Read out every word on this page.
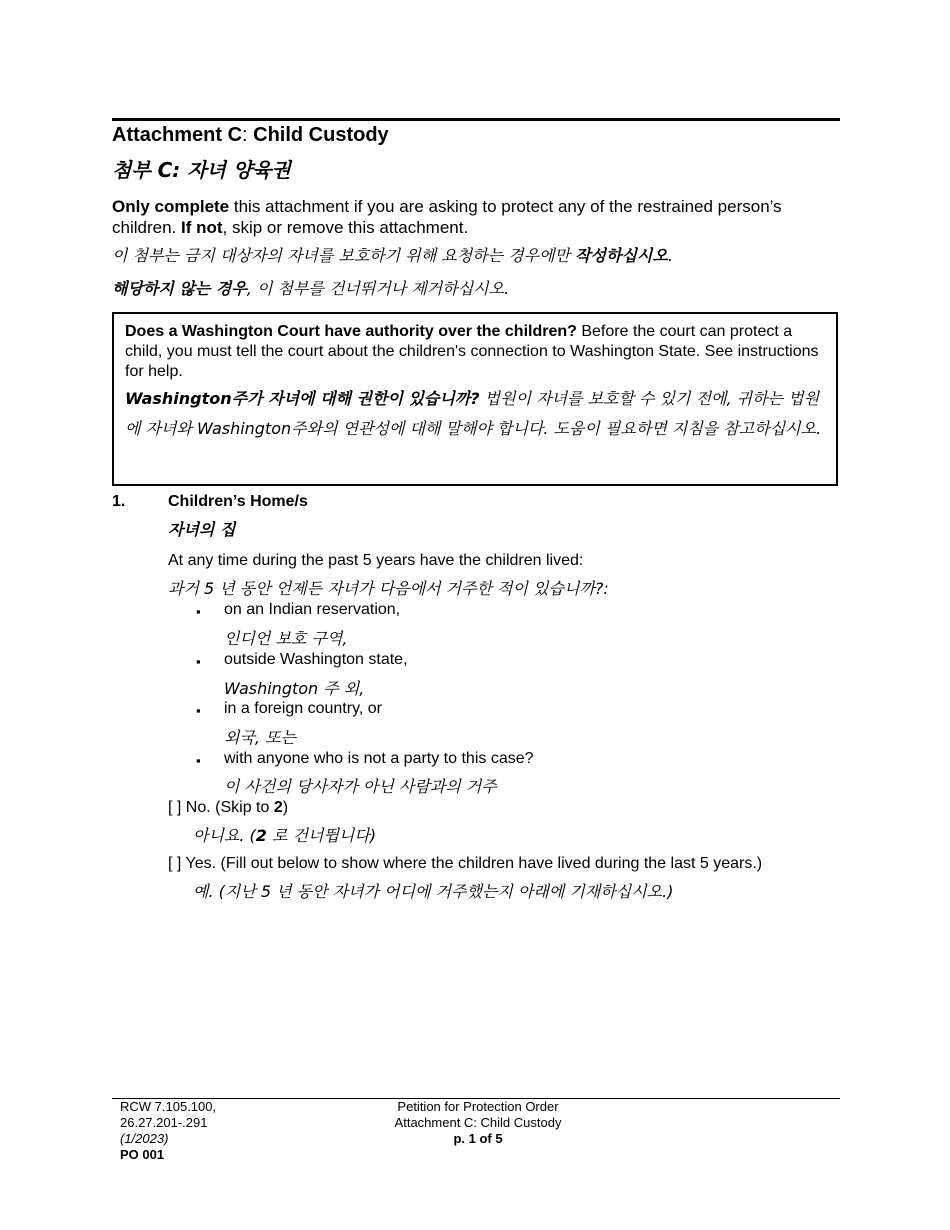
Attachment C: Child Custody
첨부 C: 자녀 양육권
Only complete this attachment if you are asking to protect any of the restrained person’s children. If not, skip or remove this attachment.
이 첨부는 금지 대상자의 자녀를 보호하기 위해 요청하는 경우에만 작성하십시오.
해당하지 않는 경우, 이 첨부를 건너뛰거나 제거하십시오.
Does a Washington Court have authority over the children? Before the court can protect a child, you must tell the court about the children's connection to Washington State. See instructions for help.
Washington주가 자녀에 대해 권한이 있습니까? 법원이 자녀를 보호할 수 있기 전에, 귀하는 법원에 자녀와 Washington주와의 연관성에 대해 말해야 합니다. 도움이 필요하면 지침을 참고하십시오.
1.	Children’s Home/s
자녀의 집
At any time during the past 5 years have the children lived:
과거 5 년 동안 언제든 자녀가 다음에서 거주한 적이 있습니까?:
▪ on an Indian reservation,
인디언 보호 구역,
▪ outside Washington state,
Washington 주 외,
▪ in a foreign country, or
외국, 또는
▪ with anyone who is not a party to this case?
이 사건의 당사자가 아닌 사람과의 거주
[ ] No. (Skip to 2)
아니요. (2 로 건너뜁니다)
[ ] Yes. (Fill out below to show where the children have lived during the last 5 years.)
예. (지난 5 년 동안 자녀가 어디에 거주했는지 아래에 기재하십시오.)
RCW 7.105.100,
26.27.201-.291
(1/2023)
PO 001
Petition for Protection Order
Attachment C: Child Custody
p. 1 of 5
